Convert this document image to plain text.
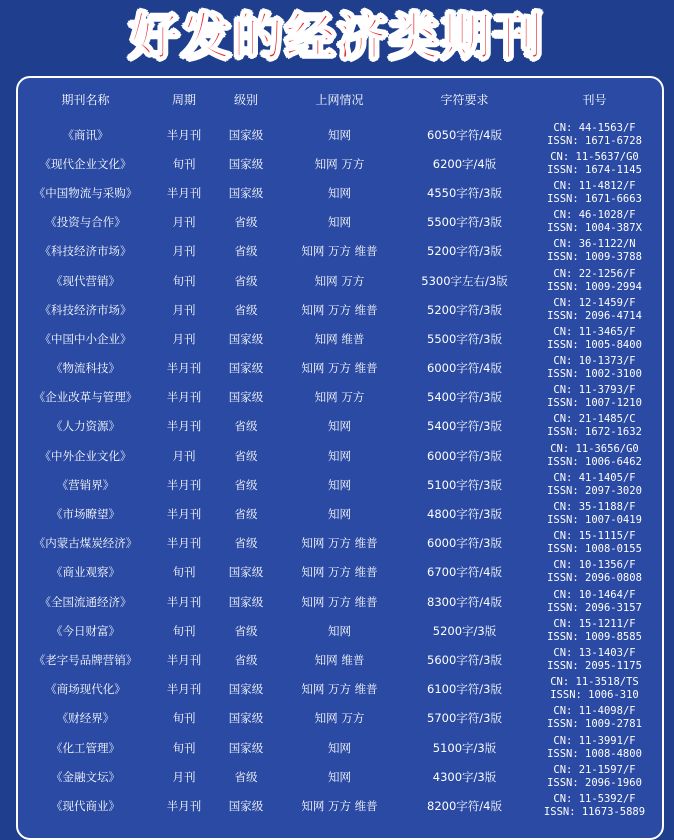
好发的经济类期刊
期刊名称	周期	级别	上网情况	字符要求	刊号
《商讯》	半月刊	国家级	知网	6050字符/4版	CN: 44-1563/F
ISSN: 1671-6728

《现代企业文化》	旬刊	国家级	知网 万方	6200字/4版	CN: 11-5637/G0
ISSN: 1674-1145

《中国物流与采购》	半月刊	国家级	知网	4550字符/3版	CN: 11-4812/F
ISSN: 1671-6663

《投资与合作》	月刊	省级	知网	5500字符/3版	CN: 46-1028/F
ISSN: 1004-387X

《科技经济市场》	月刊	省级	知网 万方 维普	5200字符/3版	CN: 36-1122/N
ISSN: 1009-3788

《现代营销》	旬刊	省级	知网 万方	5300字左右/3版	CN: 22-1256/F
ISSN: 1009-2994

《科技经济市场》	月刊	省级	知网 万方 维普	5200字符/3版	CN: 12-1459/F
ISSN: 2096-4714

《中国中小企业》	月刊	国家级	知网 维普	5500字符/3版	CN: 11-3465/F
ISSN: 1005-8400

《物流科技》	半月刊	国家级	知网 万方 维普	6000字符/4版	CN: 10-1373/F
ISSN: 1002-3100

《企业改革与管理》	半月刊	国家级	知网 万方	5400字符/3版	CN: 11-3793/F
ISSN: 1007-1210

《人力资源》	半月刊	省级	知网	5400字符/3版	CN: 21-1485/C
ISSN: 1672-1632

《中外企业文化》	月刊	省级	知网	6000字符/3版	CN: 11-3656/G0
ISSN: 1006-6462

《营销界》	半月刊	省级	知网	5100字符/3版	CN: 41-1405/F
ISSN: 2097-3020

《市场瞭望》	半月刊	省级	知网	4800字符/3版	CN: 35-1188/F
ISSN: 1007-0419

《内蒙古煤炭经济》	半月刊	省级	知网 万方 维普	6000字符/3版	CN: 15-1115/F
ISSN: 1008-0155

《商业观察》	旬刊	国家级	知网 万方 维普	6700字符/4版	CN: 10-1356/F
ISSN: 2096-0808

《全国流通经济》	半月刊	国家级	知网 万方 维普	8300字符/4版	CN: 10-1464/F
ISSN: 2096-3157

《今日财富》	旬刊	省级	知网	5200字/3版	CN: 15-1211/F
ISSN: 1009-8585

《老字号品牌营销》	半月刊	省级	知网 维普	5600字符/3版	CN: 13-1403/F
ISSN: 2095-1175

《商场现代化》	半月刊	国家级	知网 万方 维普	6100字符/3版	CN: 11-3518/TS
ISSN: 1006-310

《财经界》	旬刊	国家级	知网 万方	5700字符/3版	CN: 11-4098/F
ISSN: 1009-2781

《化工管理》	旬刊	国家级	知网	5100字/3版	CN: 11-3991/F
ISSN: 1008-4800

《金融文坛》	月刊	省级	知网	4300字/3版	CN: 21-1597/F
ISSN: 2096-1960

《现代商业》	半月刊	国家级	知网 万方 维普	8200字符/4版	CN: 11-5392/F
ISSN: 11673-5889
